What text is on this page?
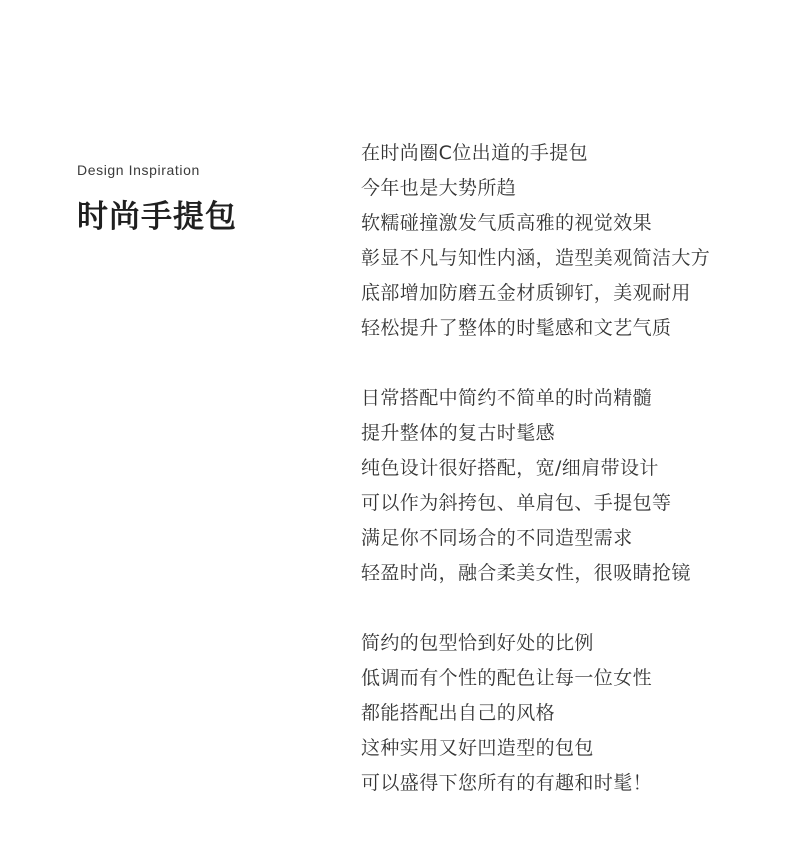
Design Inspiration
时尚手提包
在时尚圈C位出道的手提包
今年也是大势所趋
软糯碰撞激发气质高雅的视觉效果
彰显不凡与知性内涵，造型美观简洁大方
底部增加防磨五金材质铆钉，美观耐用
轻松提升了整体的时髦感和文艺气质
日常搭配中简约不简单的时尚精髓
提升整体的复古时髦感
纯色设计很好搭配，宽/细肩带设计
可以作为斜挎包、单肩包、手提包等
满足你不同场合的不同造型需求
轻盈时尚，融合柔美女性，很吸睛抢镜
简约的包型恰到好处的比例
低调而有个性的配色让每一位女性
都能搭配出自己的风格
这种实用又好凹造型的包包
可以盛得下您所有的有趣和时髦！
